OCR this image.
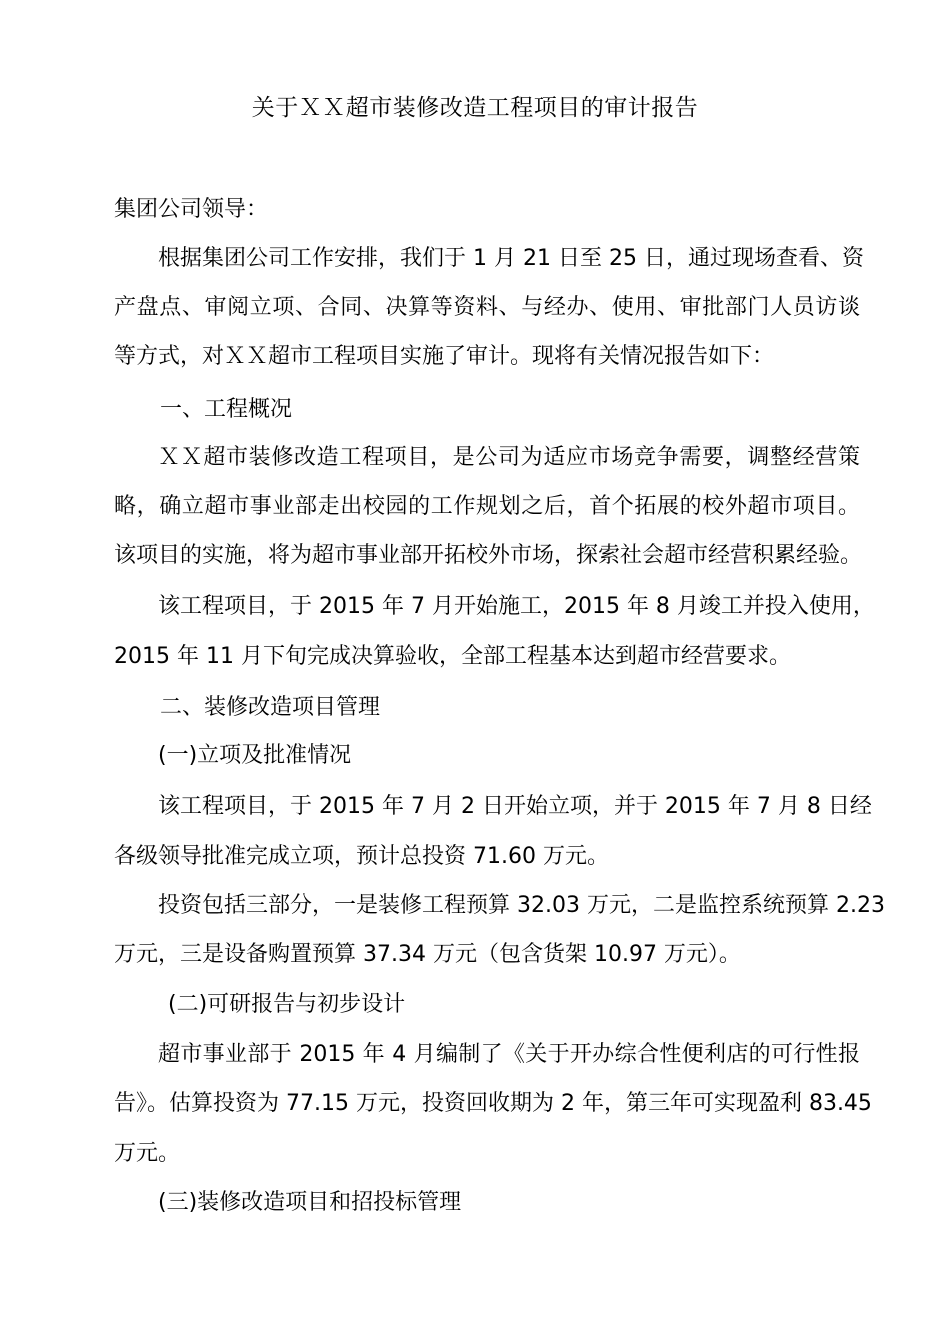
关于ＸＸ超市装修改造工程项目的审计报告
集团公司领导：
根据集团公司工作安排，我们于 1 月 21 日至 25 日，通过现场查看、资
产盘点、审阅立项、合同、决算等资料、与经办、使用、审批部门人员访谈
等方式，对ＸＸ超市工程项目实施了审计。现将有关情况报告如下：
一、工程概况
ＸＸ超市装修改造工程项目，是公司为适应市场竞争需要，调整经营策
略，确立超市事业部走出校园的工作规划之后，首个拓展的校外超市项目。
该项目的实施，将为超市事业部开拓校外市场，探索社会超市经营积累经验。
该工程项目，于 2015 年 7 月开始施工，2015 年 8 月竣工并投入使用，
2015 年 11 月下旬完成决算验收，全部工程基本达到超市经营要求。
二、装修改造项目管理
(一)立项及批准情况
该工程项目，于 2015 年 7 月 2 日开始立项，并于 2015 年 7 月 8 日经
各级领导批准完成立项，预计总投资 71.60 万元。
投资包括三部分，一是装修工程预算 32.03 万元，二是监控系统预算 2.23
万元，三是设备购置预算 37.34 万元（包含货架 10.97 万元）。
(二)可研报告与初步设计
超市事业部于 2015 年 4 月编制了《关于开办综合性便利店的可行性报
告》。估算投资为 77.15 万元，投资回收期为 2 年，第三年可实现盈利 83.45
万元。
(三)装修改造项目和招投标管理
